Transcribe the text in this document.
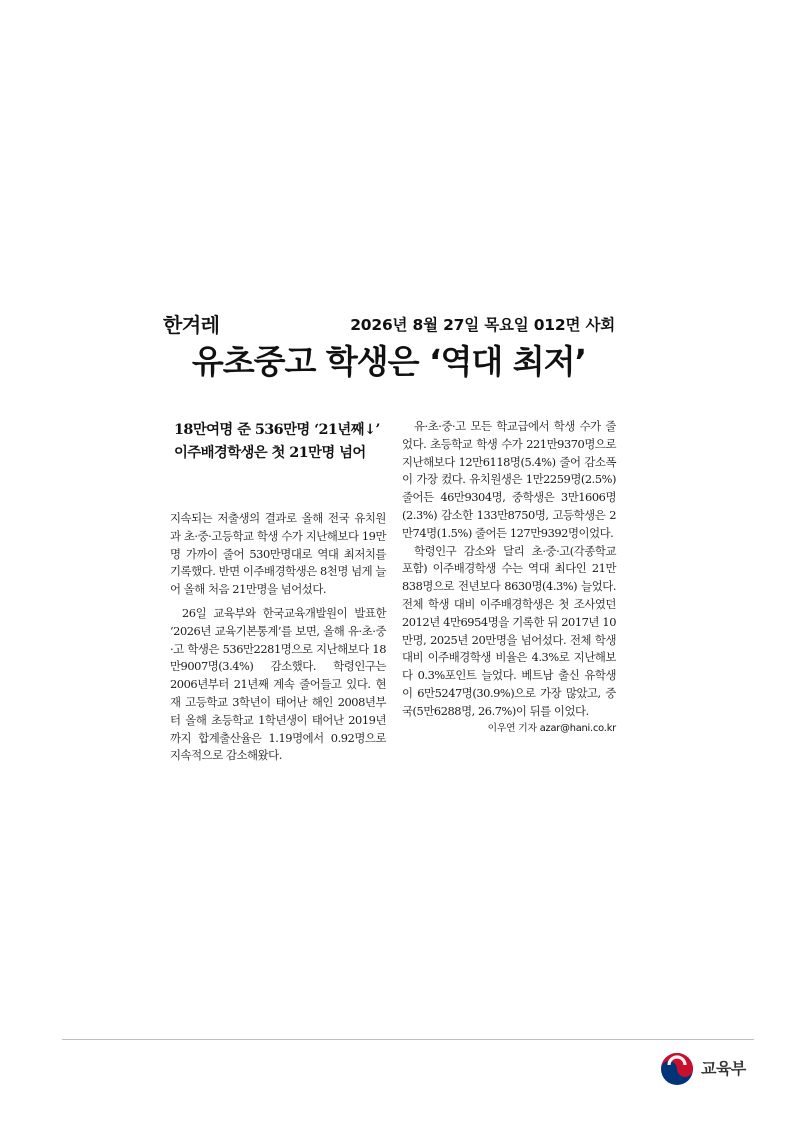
한겨레	2026년 8월 27일 목요일 012면 사회
유초중고 학생은 ‘역대 최저’
18만여명 준 536만명 ‘21년째↓’
이주배경학생은 첫 21만명 넘어

지속되는 저출생의 결과로 올해 전국 유치원과 초·중·고등학교 학생 수가 지난해보다 19만명 가까이 줄어 530만명대로 역대 최저치를 기록했다. 반면 이주배경학생은 8천명 넘게 늘어 올해 처음 21만명을 넘어섰다.

26일 교육부와 한국교육개발원이 발표한 ‘2026년 교육기본통계’를 보면, 올해 유·초·중·고 학생은 536만2281명으로 지난해보다 18만9007명(3.4%) 감소했다. 학령인구는 2006년부터 21년째 계속 줄어들고 있다. 현재 고등학교 3학년이 태어난 해인 2008년부터 올해 초등학교 1학년생이 태어난 2019년까지 합계출산율은 1.19명에서 0.92명으로 지속적으로 감소해왔다.

유·초·중·고 모든 학교급에서 학생 수가 줄었다. 초등학교 학생 수가 221만9370명으로 지난해보다 12만6118명(5.4%) 줄어 감소폭이 가장 컸다. 유치원생은 1만2259명(2.5%) 줄어든 46만9304명, 중학생은 3만1606명(2.3%) 감소한 133만8750명, 고등학생은 2만74명(1.5%) 줄어든 127만9392명이었다.

학령인구 감소와 달리 초·중·고(각종학교 포함) 이주배경학생 수는 역대 최다인 21만838명으로 전년보다 8630명(4.3%) 늘었다. 전체 학생 대비 이주배경학생은 첫 조사였던 2012년 4만6954명을 기록한 뒤 2017년 10만명, 2025년 20만명을 넘어섰다. 전체 학생 대비 이주배경학생 비율은 4.3%로 지난해보다 0.3%포인트 늘었다. 베트남 출신 유학생이 6만5247명(30.9%)으로 가장 많았고, 중국(5만6288명, 26.7%)이 뒤를 이었다.

이우연 기자 azar@hani.co.kr
교육부
